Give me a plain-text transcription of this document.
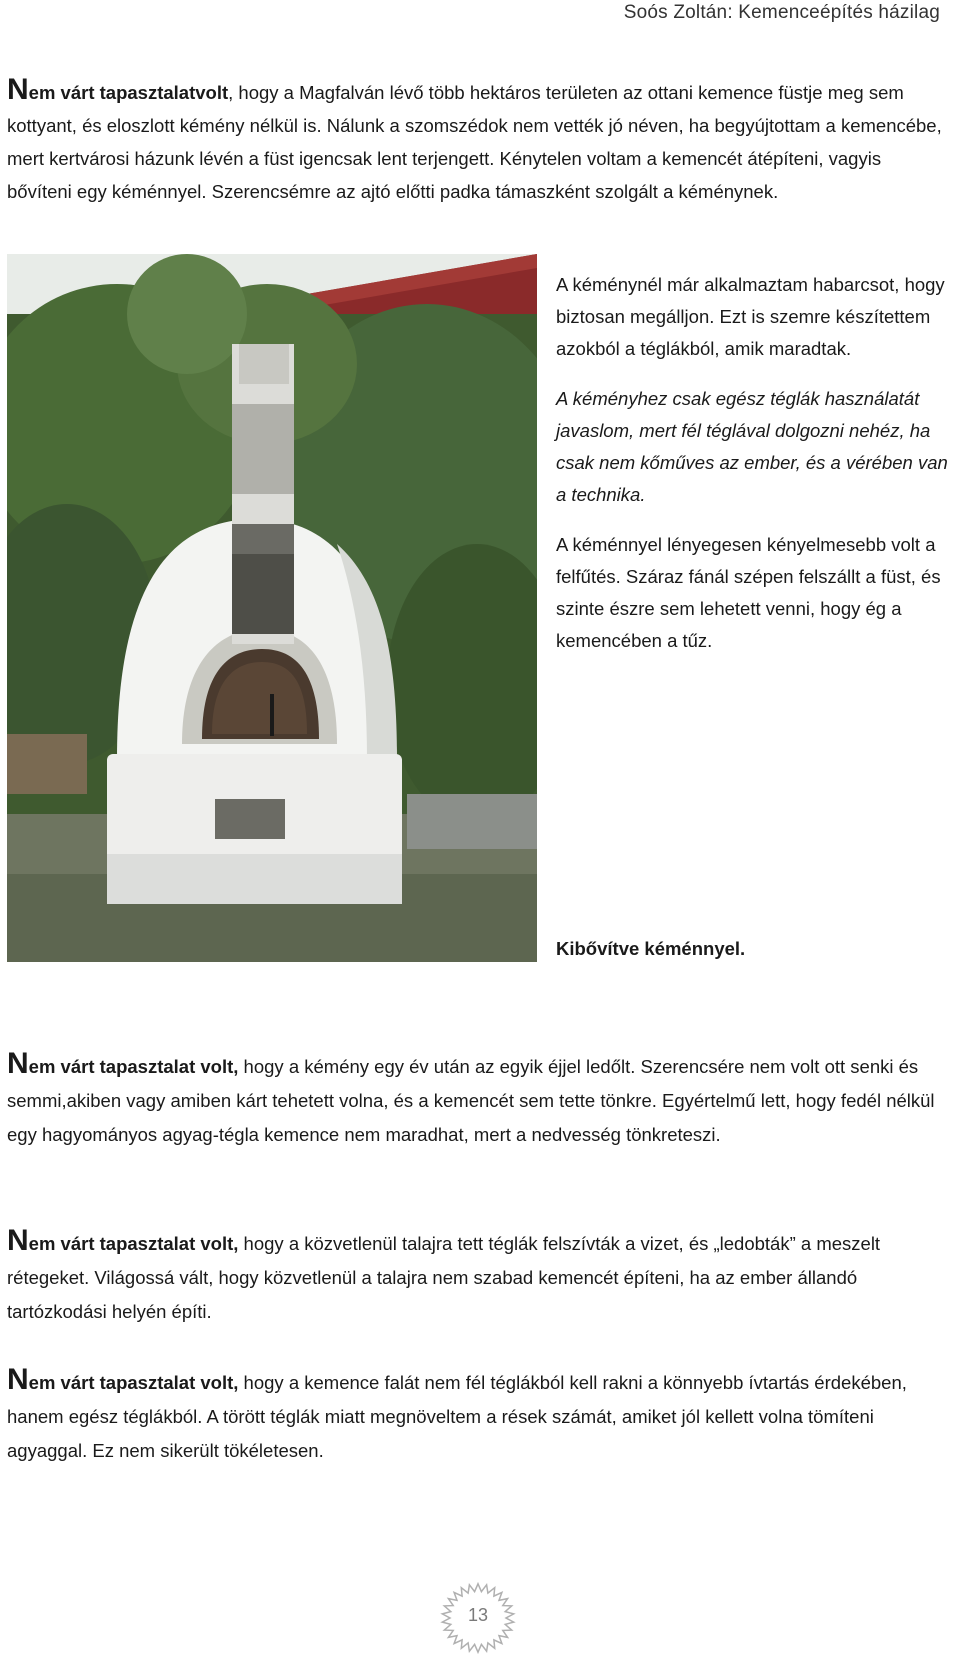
Soós Zoltán: Kemenceépítés házilag
Nem várt tapasztalatvolt, hogy a Magfalván lévő több hektáros területen az ottani kemence füstje meg sem kottyant, és eloszlott kémény nélkül is. Nálunk a szomszédok nem vették jó néven, ha begyújtottam a kemencébe, mert kertvárosi házunk lévén a füst igencsak lent terjengett. Kénytelen voltam a kemencét átépíteni, vagyis bővíteni egy kéménnyel. Szerencsémre az ajtó előtti padka támaszként szolgált a kéménynek.

A kéménynél már alkalmaztam habarcsot, hogy biztosan megálljon. Ezt is szemre készítettem azokból a téglákból, amik maradtak.

A kéményhez csak egész téglák használatát javaslom, mert fél téglával dolgozni nehéz, ha csak nem kőműves az ember, és a vérében van a technika.

A kéménnyel lényegesen kényelmesebb volt a felfűtés. Száraz fánál szépen felszállt a füst, és szinte észre sem lehetett venni, hogy ég a kemencében a tűz.

Kibővítve kéménnyel.
Nem várt tapasztalat volt, hogy a kémény egy év után az egyik éjjel ledőlt. Szerencsére nem volt ott senki és semmi,akiben vagy amiben kárt tehetett volna, és a kemencét sem tette tönkre. Egyértelmű lett, hogy fedél nélkül egy hagyományos agyag-tégla kemence nem maradhat, mert a nedvesség tönkreteszi.
Nem várt tapasztalat volt, hogy a közvetlenül talajra tett téglák felszívták a vizet, és „ledobták” a meszelt rétegeket. Világossá vált, hogy közvetlenül a talajra nem szabad kemencét építeni, ha az ember állandó tartózkodási helyén építi.
Nem várt tapasztalat volt, hogy a kemence falát nem fél téglákból kell rakni a könnyebb ívtartás érdekében, hanem egész téglákból. A törött téglák miatt megnöveltem a rések számát, amiket jól kellett volna tömíteni agyaggal. Ez nem sikerült tökéletesen.
13
